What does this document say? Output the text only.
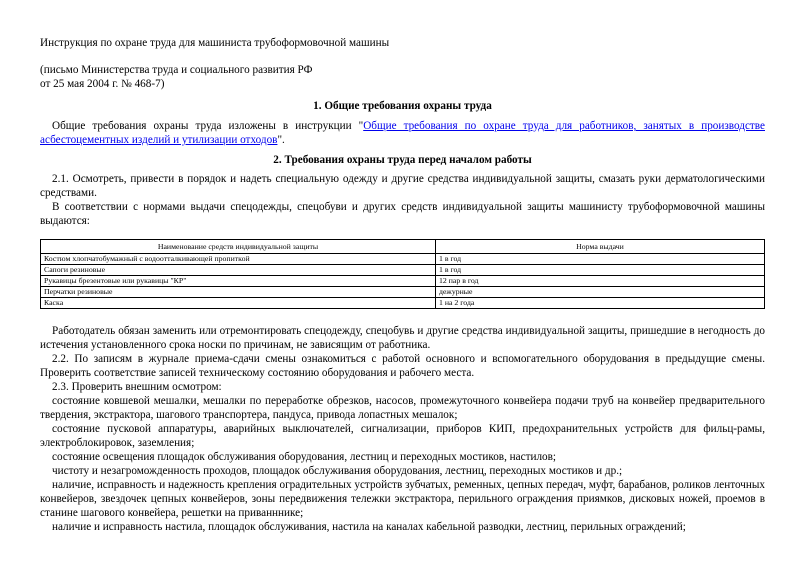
Инструкция по охране труда для машиниста трубоформовочной машины

(письмо Министерства труда и социального развития РФ

от 25 мая 2004 г. № 468-7)

1. Общие требования охраны труда

Общие требования охраны труда изложены в инструкции "Общие требования по охране труда для работников, занятых в производстве асбестоцементных изделий и утилизации отходов".

2. Требования охраны труда перед началом работы

2.1. Осмотреть, привести в порядок и надеть специальную одежду и другие средства индивидуальной защиты, смазать руки дерматологическими средствами.

В соответствии с нормами выдачи спецодежды, спецобуви и других средств индивидуальной защиты машинисту трубоформовочной машины выдаются:

Наименование средств индивидуальной защиты	Норма выдачи
Костюм хлопчатобумажный с водоотталкивающей пропиткой	1 в год
Сапоги резиновые	1 в год
Рукавицы брезентовые или рукавицы "КР"	12 пар в год
Перчатки резиновые	дежурные
Каска	1 на 2 года

Работодатель обязан заменить или отремонтировать спецодежду, спецобувь и другие средства индивидуальной защиты, пришедшие в негодность до истечения установленного срока носки по причинам, не зависящим от работника.

2.2. По записям в журнале приема-сдачи смены ознакомиться с работой основного и вспомогательного оборудования в предыдущие смены. Проверить соответствие записей техническому состоянию оборудования и рабочего места.

2.3. Проверить внешним осмотром:

состояние ковшевой мешалки, мешалки по переработке обрезков, насосов, промежуточного конвейера подачи труб на конвейер предварительного твердения, экстрактора, шагового транспортера, пандуса, привода лопастных мешалок;

состояние пусковой аппаратуры, аварийных выключателей, сигнализации, приборов КИП, предохранительных устройств для фильц-рамы, электроблокировок, заземления;

состояние освещения площадок обслуживания оборудования, лестниц и переходных мостиков, настилов;

чистоту и незагроможденность проходов, площадок обслуживания оборудования, лестниц, переходных мостиков и др.;

наличие, исправность и надежность крепления оградительных устройств зубчатых, ременных, цепных передач, муфт, барабанов, роликов ленточных конвейеров, звездочек цепных конвейеров, зоны передвижения тележки экстрактора, перильного ограждения приямков, дисковых ножей, проемов в станине шагового конвейера, решетки на приванннике;

наличие и исправность настила, площадок обслуживания, настила на каналах кабельной разводки, лестниц, перильных ограждений;
